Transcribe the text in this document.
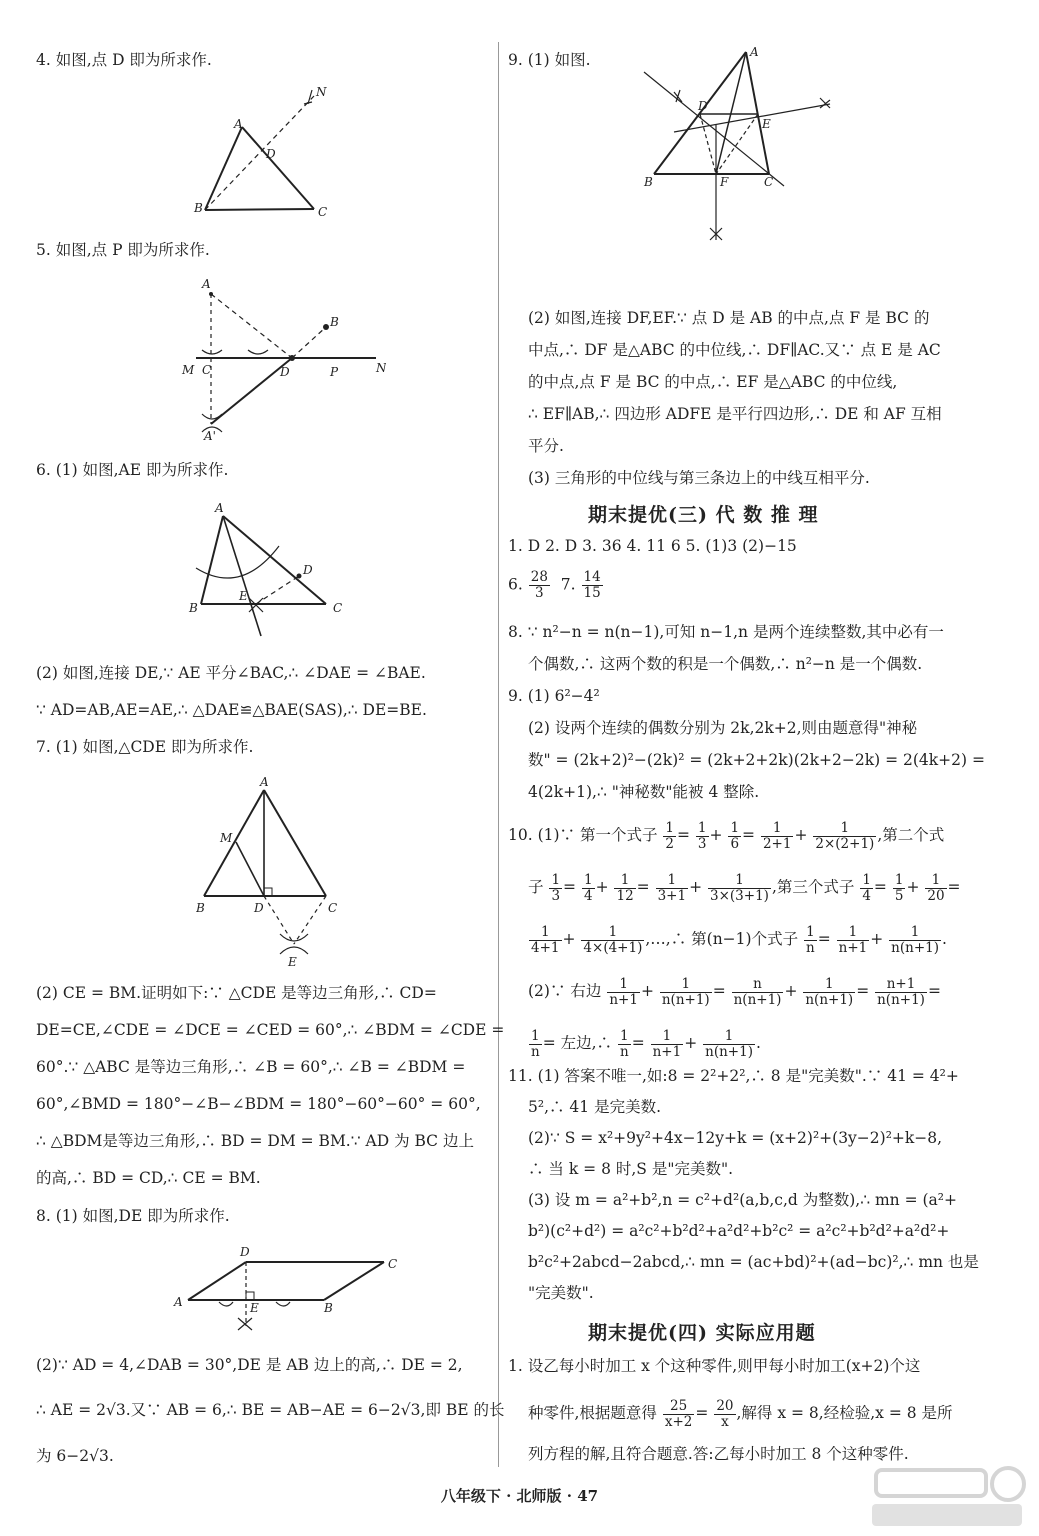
4. 如图,点 D 即为所求作.
A
D
N
B	C
5. 如图,点 P 即为所求作.
A
B
M C	D	P	N
A'
6. (1) 如图,AE 即为所求作.
A
D
B
E
C
(2) 如图,连接 DE,∵ AE 平分∠BAC,∴ ∠DAE = ∠BAE.
∵ AD=AB,AE=AE,∴ △DAE≌△BAE(SAS),∴ DE=BE.
7. (1) 如图,△CDE 即为所求作.
A
M
B	D	C
E
(2) CE = BM.证明如下:∵ △CDE 是等边三角形,∴ CD=
DE=CE,∠CDE = ∠DCE = ∠CED = 60°,∴ ∠BDM = ∠CDE =
60°.∵ △ABC 是等边三角形,∴ ∠B = 60°,∴ ∠B = ∠BDM =
60°,∠BMD = 180°−∠B−∠BDM = 180°−60°−60° = 60°,
∴ △BDM是等边三角形,∴ BD = DM = BM.∵ AD 为 BC 边上
的高,∴ BD = CD,∴ CE = BM.
8. (1) 如图,DE 即为所求作.
D
C
A	E	B
(2)∵ AD = 4,∠DAB = 30°,DE 是 AB 边上的高,∴ DE = 2,
∴ AE = 2√3.又∵ AB = 6,∴ BE = AB−AE = 6−2√3,即 BE 的长
为 6−2√3.
9. (1) 如图.	A
D
E
B	F	C
(2) 如图,连接 DF,EF.∵ 点 D 是 AB 的中点,点 F 是 BC 的
中点,∴ DF 是△ABC 的中位线,∴ DF∥AC.又∵ 点 E 是 AC
的中点,点 F 是 BC 的中点,∴ EF 是△ABC 的中位线,
∴ EF∥AB,∴ 四边形 ADFE 是平行四边形,∴ DE 和 AF 互相
平分.
(3) 三角形的中位线与第三条边上的中线互相平分.
期末提优(三) 代 数 推 理
1. D 2. D 3. 36 4. 11 6 5. (1)3 (2)−15
6. $\frac{28}{3} 7$. $\frac{14}{15}$
8. ∵ n²−n = n(n−1),可知 n−1,n 是两个连续整数,其中必有一
个偶数,∴ 这两个数的积是一个偶数,∴ n²−n 是一个偶数.
9. (1) 6²−4²
(2) 设两个连续的偶数分别为 2k,2k+2,则由题意得"神秘
数" = (2k+2)²−(2k)² = (2k+2+2k)(2k+2−2k) = 2(4k+2) =
4(2k+1),∴ "神秘数"能被 4 整除.
10. (1)∵ 第一个式子 $\frac{1}{2} = \frac{1}{3} + \frac{1}{6} = \frac{1}{2+1} + \frac{1}{2\times(2+1)}$ ,第二个式
子 $\frac{1}{3} = \frac{1}{4} + \frac{1}{12} = \frac{1}{3+1} + \frac{1}{3\times(3+1)}$ ,第三个式子 $\frac{1}{4} = \frac{1}{5} + \frac{1}{20}$ =
$\frac{1}{4+1} + \frac{1}{4\times(4+1)}$ ,…,∴ 第(n−1)个式子 $\frac{1}{n} = \frac{1}{n+1} + \frac{1}{n(n+1)}$ .
(2)∵ 右边 $\frac{1}{n+1} + \frac{1}{n(n+1)} = \frac{n}{n(n+1)} + \frac{1}{n(n+1)} = \frac{n+1}{n(n+1)}$ =
$\frac{1}{n}$ = 左边,∴ $\frac{1}{n} = \frac{1}{n+1} + \frac{1}{n(n+1)}$ .
11. (1) 答案不唯一,如:8 = 2²+2²,∴ 8 是"完美数".∵ 41 = 4²+
5²,∴ 41 是完美数.
(2)∵ S = x²+9y²+4x−12y+k = (x+2)²+(3y−2)²+k−8,
∴ 当 k = 8 时,S 是"完美数".
(3) 设 m = a²+b²,n = c²+d²(a,b,c,d 为整数),∴ mn = (a²+
b²)(c²+d²) = a²c²+b²d²+a²d²+b²c² = a²c²+b²d²+a²d²+
b²c²+2abcd−2abcd,∴ mn = (ac+bd)²+(ad−bc)²,∴ mn 也是
"完美数".
期末提优(四) 实际应用题
1. 设乙每小时加工 x 个这种零件,则甲每小时加工(x+2)个这
种零件,根据题意得 $\frac{25}{x+2} = \frac{20}{x}$ ,解得 x = 8,经检验,x = 8 是所
列方程的解,且符合题意.答:乙每小时加工 8 个这种零件.
八年级下 · 北师版 · 47
